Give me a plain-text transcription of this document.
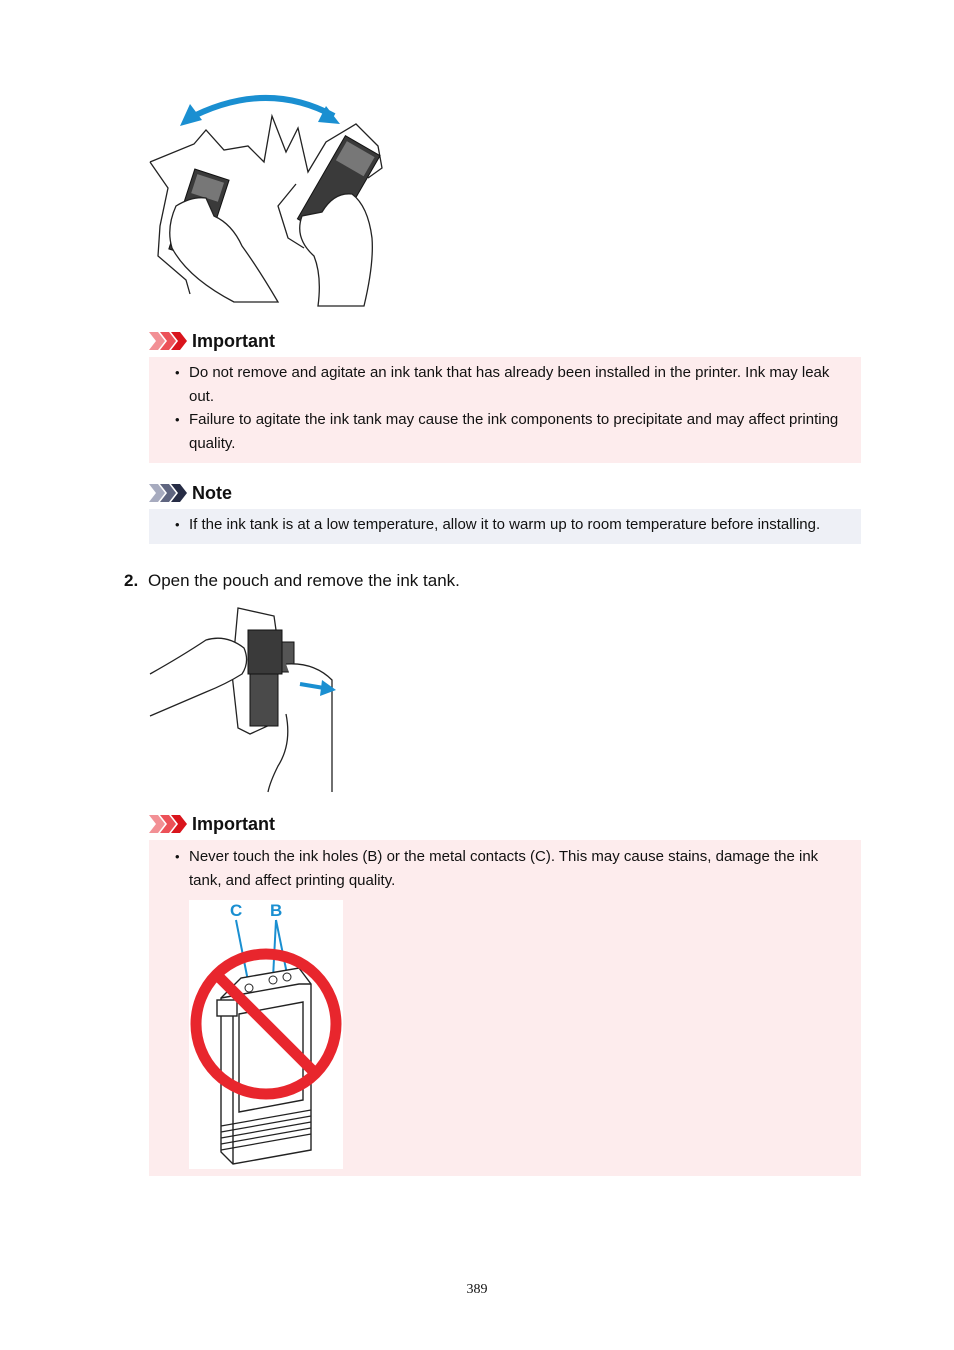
Important
• Do not remove and agitate an ink tank that has already been installed in the printer. Ink may leak out.
• Failure to agitate the ink tank may cause the ink components to precipitate and may affect printing quality.
Note
• If the ink tank is at a low temperature, allow it to warm up to room temperature before installing.
2. Open the pouch and remove the ink tank.
Important
• Never touch the ink holes (B) or the metal contacts (C). This may cause stains, damage the ink tank, and affect printing quality.
C B
389
